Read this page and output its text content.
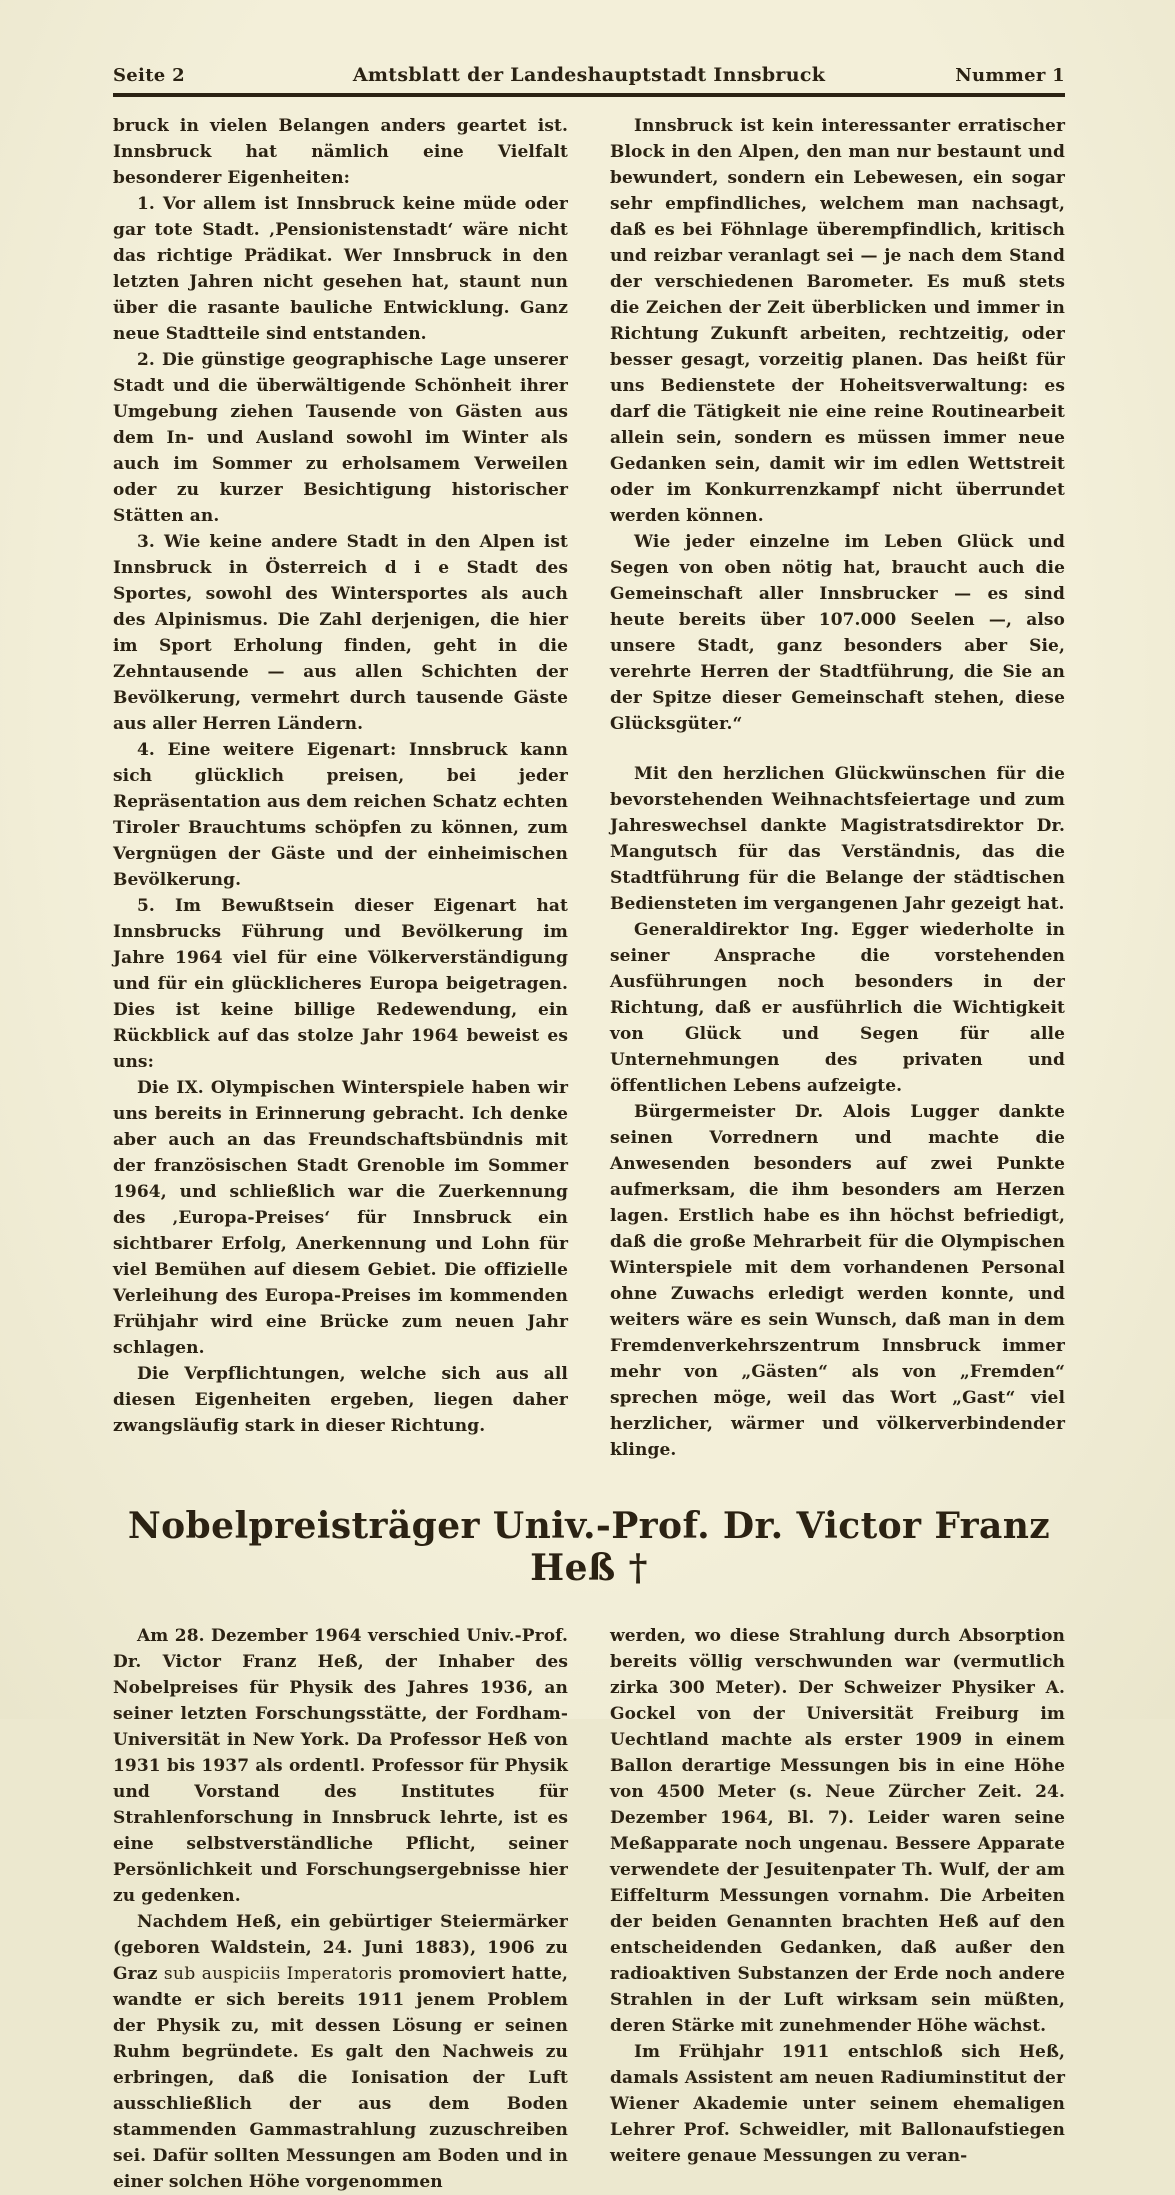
Seite 2	Amtsblatt der Landeshauptstadt Innsbruck	Nummer 1

bruck in vielen Belangen anders geartet ist. Innsbruck hat nämlich eine Vielfalt besonderer Eigenheiten:

1. Vor allem ist Innsbruck keine müde oder gar tote Stadt. ‚Pensionistenstadt‘ wäre nicht das richtige Prädikat. Wer Innsbruck in den letzten Jahren nicht gesehen hat, staunt nun über die rasante bauliche Entwicklung. Ganz neue Stadtteile sind entstanden.

2. Die günstige geographische Lage unserer Stadt und die überwältigende Schönheit ihrer Umgebung ziehen Tausende von Gästen aus dem In- und Ausland sowohl im Winter als auch im Sommer zu erholsamem Verweilen oder zu kurzer Besichtigung historischer Stätten an.

3. Wie keine andere Stadt in den Alpen ist Innsbruck in Österreich d i e Stadt des Sportes, sowohl des Wintersportes als auch des Alpinismus. Die Zahl derjenigen, die hier im Sport Erholung finden, geht in die Zehntausende — aus allen Schichten der Bevölkerung, vermehrt durch tausende Gäste aus aller Herren Ländern.

4. Eine weitere Eigenart: Innsbruck kann sich glücklich preisen, bei jeder Repräsentation aus dem reichen Schatz echten Tiroler Brauchtums schöpfen zu können, zum Vergnügen der Gäste und der einheimischen Bevölkerung.

5. Im Bewußtsein dieser Eigenart hat Innsbrucks Führung und Bevölkerung im Jahre 1964 viel für eine Völkerverständigung und für ein glücklicheres Europa beigetragen. Dies ist keine billige Redewendung, ein Rückblick auf das stolze Jahr 1964 beweist es uns:

Die IX. Olympischen Winterspiele haben wir uns bereits in Erinnerung gebracht. Ich denke aber auch an das Freundschaftsbündnis mit der französischen Stadt Grenoble im Sommer 1964, und schließlich war die Zuerkennung des ‚Europa-Preises‘ für Innsbruck ein sichtbarer Erfolg, Anerkennung und Lohn für viel Bemühen auf diesem Gebiet. Die offizielle Verleihung des Europa-Preises im kommenden Frühjahr wird eine Brücke zum neuen Jahr schlagen.

Die Verpflichtungen, welche sich aus all diesen Eigenheiten ergeben, liegen daher zwangsläufig stark in dieser Richtung.

Innsbruck ist kein interessanter erratischer Block in den Alpen, den man nur bestaunt und bewundert, sondern ein Lebewesen, ein sogar sehr empfindliches, welchem man nachsagt, daß es bei Föhnlage überempfindlich, kritisch und reizbar veranlagt sei — je nach dem Stand der verschiedenen Barometer. Es muß stets die Zeichen der Zeit überblicken und immer in Richtung Zukunft arbeiten, rechtzeitig, oder besser gesagt, vorzeitig planen. Das heißt für uns Bedienstete der Hoheitsverwaltung: es darf die Tätigkeit nie eine reine Routinearbeit allein sein, sondern es müssen immer neue Gedanken sein, damit wir im edlen Wettstreit oder im Konkurrenzkampf nicht überrundet werden können.

Wie jeder einzelne im Leben Glück und Segen von oben nötig hat, braucht auch die Gemeinschaft aller Innsbrucker — es sind heute bereits über 107.000 Seelen —, also unsere Stadt, ganz besonders aber Sie, verehrte Herren der Stadtführung, die Sie an der Spitze dieser Gemeinschaft stehen, diese Glücksgüter.“

Mit den herzlichen Glückwünschen für die bevorstehenden Weihnachtsfeiertage und zum Jahreswechsel dankte Magistratsdirektor Dr. Mangutsch für das Verständnis, das die Stadtführung für die Belange der städtischen Bediensteten im vergangenen Jahr gezeigt hat.

Generaldirektor Ing. Egger wiederholte in seiner Ansprache die vorstehenden Ausführungen noch besonders in der Richtung, daß er ausführlich die Wichtigkeit von Glück und Segen für alle Unternehmungen des privaten und öffentlichen Lebens aufzeigte.

Bürgermeister Dr. Alois Lugger dankte seinen Vorrednern und machte die Anwesenden besonders auf zwei Punkte aufmerksam, die ihm besonders am Herzen lagen. Erstlich habe es ihn höchst befriedigt, daß die große Mehrarbeit für die Olympischen Winterspiele mit dem vorhandenen Personal ohne Zuwachs erledigt werden konnte, und weiters wäre es sein Wunsch, daß man in dem Fremdenverkehrszentrum Innsbruck immer mehr von „Gästen“ als von „Fremden“ sprechen möge, weil das Wort „Gast“ viel herzlicher, wärmer und völkerverbindender klinge.

Nobelpreisträger Univ.-Prof. Dr. Victor Franz Heß †

Am 28. Dezember 1964 verschied Univ.-Prof. Dr. Victor Franz Heß, der Inhaber des Nobelpreises für Physik des Jahres 1936, an seiner letzten Forschungsstätte, der Fordham-Universität in New York. Da Professor Heß von 1931 bis 1937 als ordentl. Professor für Physik und Vorstand des Institutes für Strahlenforschung in Innsbruck lehrte, ist es eine selbstverständliche Pflicht, seiner Persönlichkeit und Forschungsergebnisse hier zu gedenken.

Nachdem Heß, ein gebürtiger Steiermärker (geboren Waldstein, 24. Juni 1883), 1906 zu Graz sub auspiciis Imperatoris promoviert hatte, wandte er sich bereits 1911 jenem Problem der Physik zu, mit dessen Lösung er seinen Ruhm begründete. Es galt den Nachweis zu erbringen, daß die Ionisation der Luft ausschließlich der aus dem Boden stammenden Gammastrahlung zuzuschreiben sei. Dafür sollten Messungen am Boden und in einer solchen Höhe vorgenommen

werden, wo diese Strahlung durch Absorption bereits völlig verschwunden war (vermutlich zirka 300 Meter). Der Schweizer Physiker A. Gockel von der Universität Freiburg im Uechtland machte als erster 1909 in einem Ballon derartige Messungen bis in eine Höhe von 4500 Meter (s. Neue Zürcher Zeit. 24. Dezember 1964, Bl. 7). Leider waren seine Meßapparate noch ungenau. Bessere Apparate verwendete der Jesuitenpater Th. Wulf, der am Eiffelturm Messungen vornahm. Die Arbeiten der beiden Genannten brachten Heß auf den entscheidenden Gedanken, daß außer den radioaktiven Substanzen der Erde noch andere Strahlen in der Luft wirksam sein müßten, deren Stärke mit zunehmender Höhe wächst.

Im Frühjahr 1911 entschloß sich Heß, damals Assistent am neuen Radiuminstitut der Wiener Akademie unter seinem ehemaligen Lehrer Prof. Schweidler, mit Ballonaufstiegen weitere genaue Messungen zu veran-
